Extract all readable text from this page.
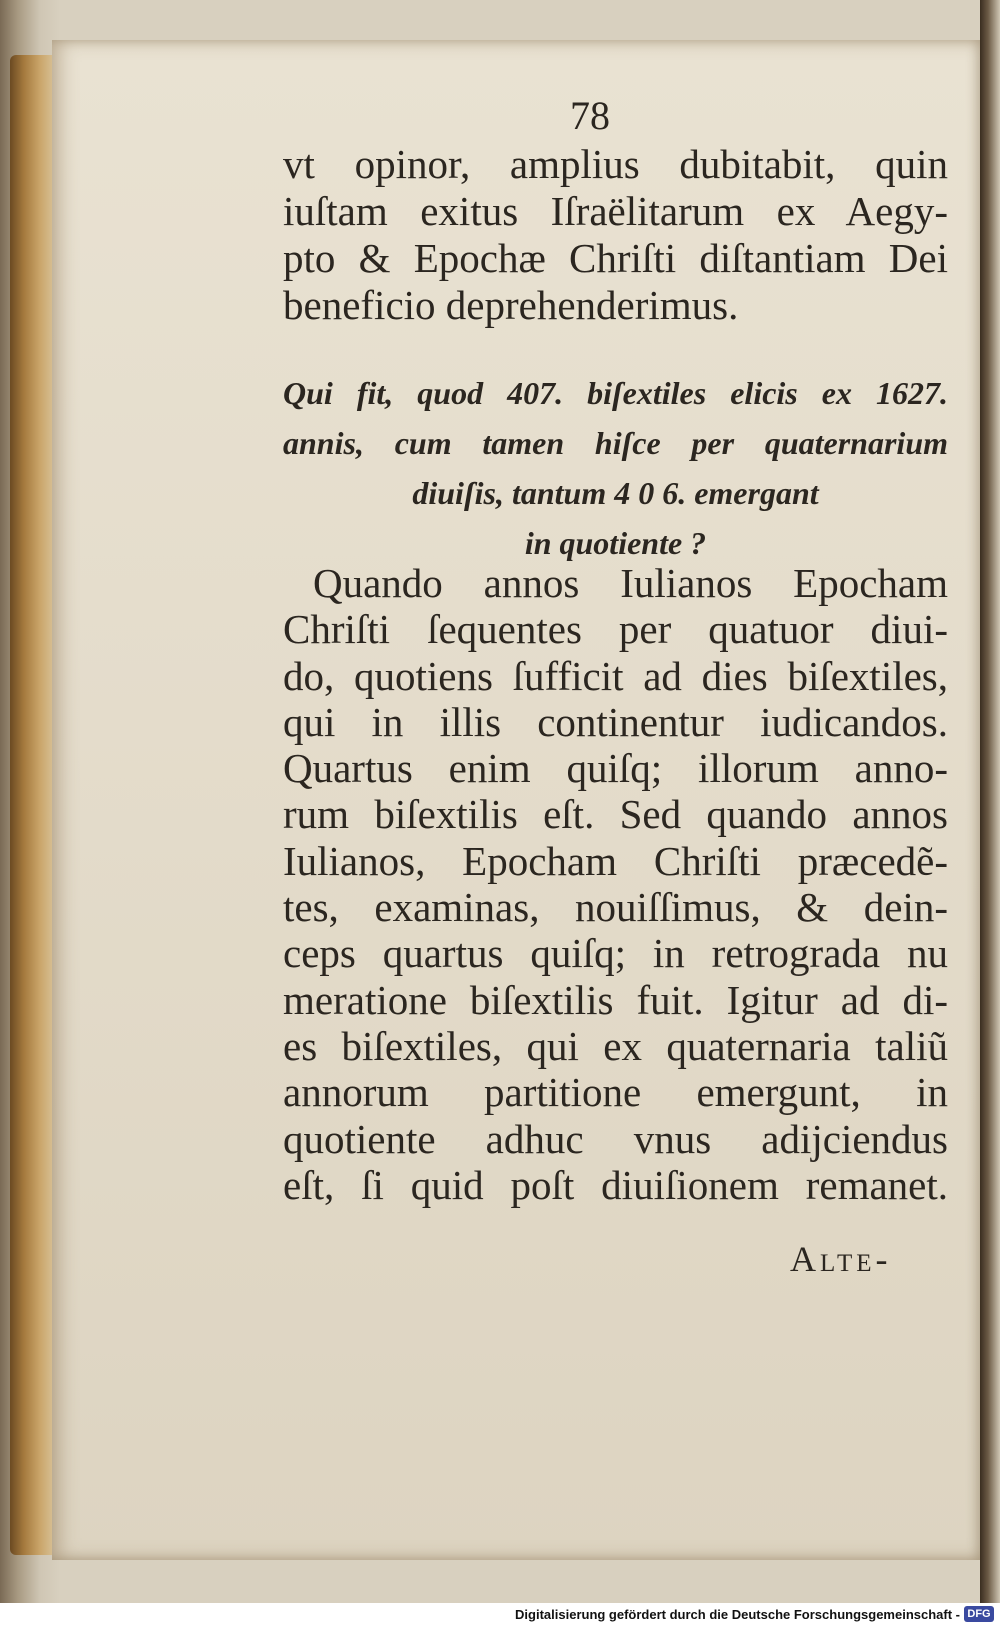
78
vt opinor, amplius dubitabit, quin
iuſtam exitus Iſraëlitarum ex Aegy-
pto & Epochæ Chriſti diſtantiam Dei
beneficio deprehenderimus.
Qui fit, quod 407. biſextiles elicis ex 1627.
annis, cum tamen hiſce per quaternarium
diuiſis, tantum 4 0 6. emergant
in quotiente ?
Quando annos Iulianos Epocham
Chriſti ſequentes per quatuor diui-
do, quotiens ſufficit ad dies biſextiles,
qui in illis continentur iudicandos.
Quartus enim quiſq; illorum anno-
rum biſextilis eſt. Sed quando annos
Iulianos, Epocham Chriſti præcedẽ-
tes, examinas, nouiſſimus, & dein-
ceps quartus quiſq; in retrograda nu
meratione biſextilis fuit. Igitur ad di-
es biſextiles, qui ex quaternaria taliũ
annorum partitione emergunt, in
quotiente adhuc vnus adijciendus
eſt, ſi quid poſt diuiſionem remanet.
Alte-
Digitalisierung gefördert durch die Deutsche Forschungsgemeinschaft - DFG
